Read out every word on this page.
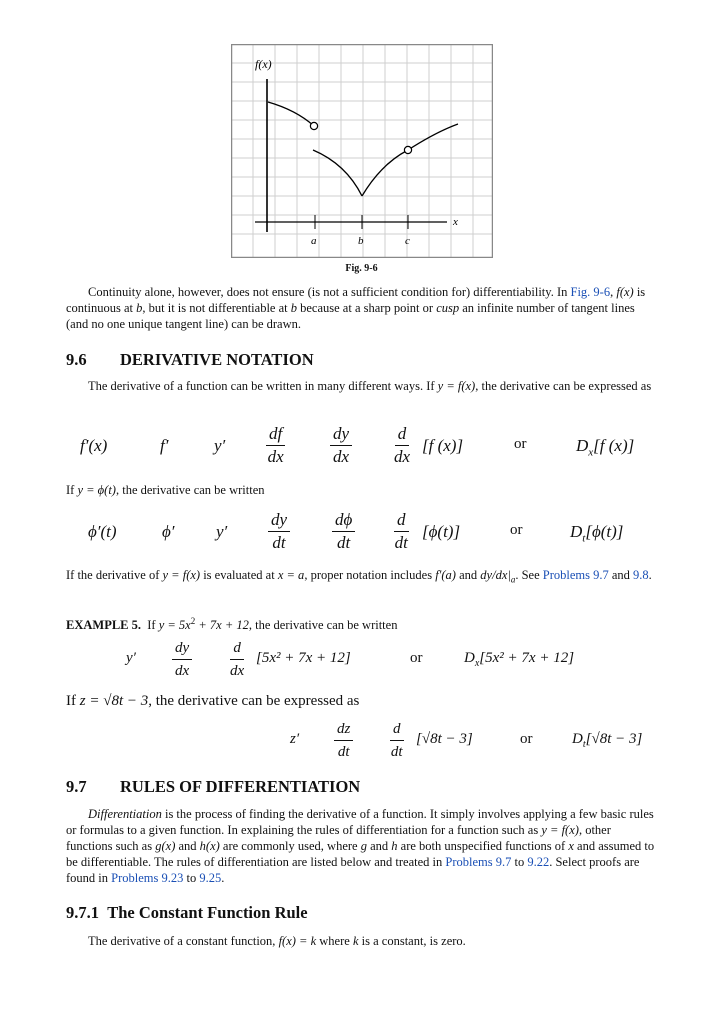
f(x)
x
a	b	c
Fig. 9-6
Continuity alone, however, does not ensure (is not a sufficient condition for) differentiability. In Fig. 9-6, f(x) is continuous at b, but it is not differentiable at b because at a sharp point or cusp an infinite number of tangent lines (and no one unique tangent line) can be drawn.
9.6 DERIVATIVE NOTATION
The derivative of a function can be written in many different ways. If y = f(x), the derivative can be expressed as
f′(x)	f′	$y' \frac{df}{dx}$	$\frac{dy}{dx} \frac{d}{dx} [f$ (x)]	or	$D_x[f$ (x)]
If y = ϕ(t), the derivative can be written
ϕ′(t)	ϕ′ $y' \frac{dy}{dt} \frac{d\phi}{dt} \frac{d}{dt} [\phi(t)]$	or	$D_t[\phi(t)]$
If the derivative of y = f(x) is evaluated at x = a, proper notation includes f′(a) and $dy/dx|_a$. See Problems 9.7 and 9.8.
EXAMPLE 5. If $y = 5x^2 + 7x + 12$, the derivative can be written
$y' \frac{dy}{dx}$	$\frac{d}{dx} [5x^2 + 7x + 12]$	or	$D_x[5x^2 + 7x + 12]$
If z = √8t − 3, the derivative can be expressed as
$z' \frac{dz}{dt} \frac{d}{dt} [√8t - 3]$	or	$D_t[√8t - 3]$
9.7 RULES OF DIFFERENTIATION
Differentiation is the process of finding the derivative of a function. It simply involves applying a few basic rules or formulas to a given function. In explaining the rules of differentiation for a function such as y = f(x), other functions such as g(x) and h(x) are commonly used, where g and h are both unspecified functions of x and assumed to be differentiable. The rules of differentiation are listed below and treated in Problems 9.7 to 9.22. Select proofs are found in Problems 9.23 to 9.25.
9.7.1 The Constant Function Rule
The derivative of a constant function, f(x) = k where k is a constant, is zero.
